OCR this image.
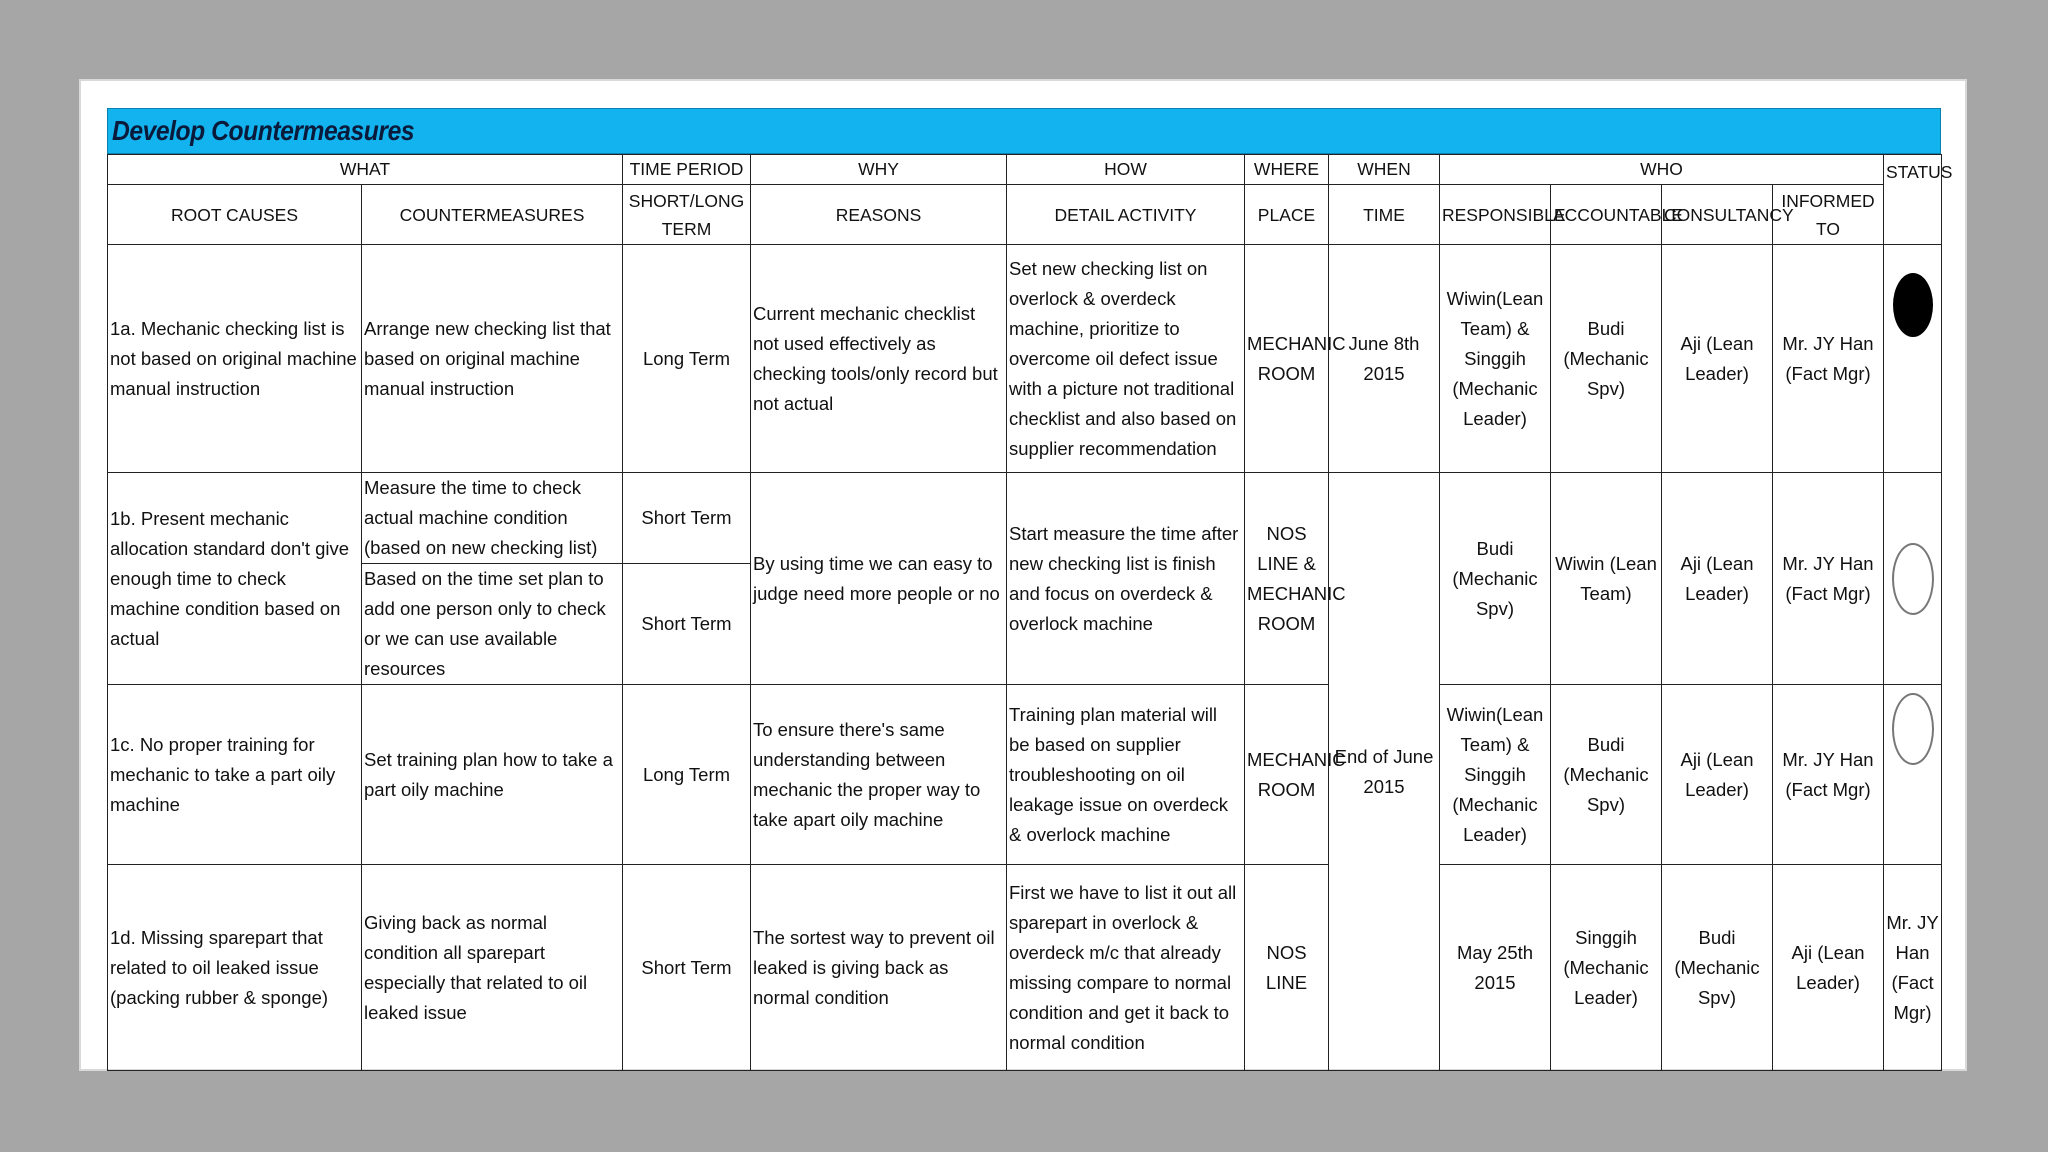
Develop Countermeasures
WHAT		TIME PERIOD	WHY	HOW	WHERE	WHEN	WHO				STATUS	
ROOT CAUSES	COUNTERMEASURES	SHORT/LONG TERM	REASONS	DETAIL ACTIVITY	PLACE	TIME	RESPONSIBLE	ACCOUNTABLE	CONSULTANCY	INFORMED TO		
1a. Mechanic checking list is not based on original machine manual instruction	Arrange new checking list that based on original machine manual instruction	Long Term	Current mechanic checklist not used effectively as checking tools/only record but not actual	Set new checking list on overlock & overdeck machine, prioritize to overcome oil defect issue with a picture not traditional checklist and also based on supplier recommendation	MECHANIC ROOM	June 8th 2015	Wiwin(Lean Team) & Singgih (Mechanic Leader)	Budi (Mechanic Spv)	Aji (Lean Leader)	Mr. JY Han (Fact Mgr)		
1b. Present mechanic allocation standard don't give enough time to check machine condition based on actual	Measure the time to check actual machine condition (based on new checking list)	Short Term	By using time we can easy to judge need more people or no	Start measure the time after new checking list is finish and focus on overdeck & overlock machine	NOS LINE & MECHANIC ROOM	End of June 2015	Budi (Mechanic Spv)	Wiwin (Lean Team)	Aji (Lean Leader)	Mr. JY Han (Fact Mgr)		
	Based on the time set plan to add one person only to check or we can use available resources	Short Term										
1c. No proper training for mechanic to take a part oily machine	Set training plan how to take a part oily machine	Long Term	To ensure there's same understanding between mechanic the proper way to take apart oily machine	Training plan material will be based on supplier troubleshooting on oil leakage issue on overdeck & overlock machine	MECHANIC ROOM		Wiwin(Lean Team) & Singgih (Mechanic Leader)	Budi (Mechanic Spv)	Aji (Lean Leader)	Mr. JY Han (Fact Mgr)		
1d. Missing sparepart that related to oil leaked issue (packing rubber & sponge)	Giving back as normal condition all sparepart especially that related to oil leaked issue	Short Term	The sortest way to prevent oil leaked is giving back as normal condition	First we have to list it out all sparepart in overlock & overdeck m/c that already missing compare to normal condition and get it back to normal condition	NOS LINE		May 25th 2015	Singgih (Mechanic Leader)	Budi (Mechanic Spv)	Aji (Lean Leader)	Mr. JY Han (Fact Mgr)	
